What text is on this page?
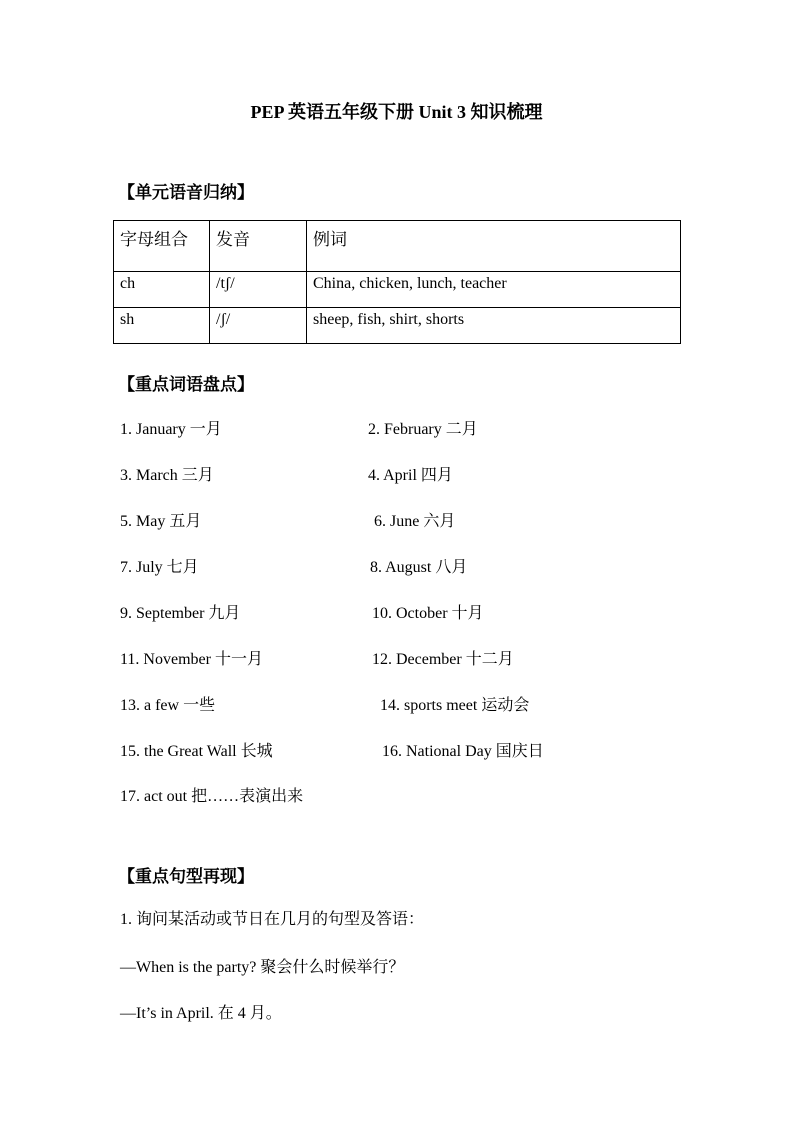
PEP 英语五年级下册 Unit 3 知识梳理
【单元语音归纳】
字母组合	发音	例词
ch	/tʃ/	China, chicken, lunch, teacher
sh	/ʃ/	sheep, fish, shirt, shorts
【重点词语盘点】
1. January 一月	2. February 二月
3. March 三月	4. April 四月
5. May 五月	6. June 六月
7. July 七月	8. August 八月
9. September 九月	10. October 十月
11. November 十一月	12. December 十二月
13. a few 一些	14. sports meet 运动会
15. the Great Wall 长城	16. National Day 国庆日
17. act out 把……表演出来
【重点句型再现】
1. 询问某活动或节日在几月的句型及答语：
—When is the party? 聚会什么时候举行？
—It’s in April. 在 4 月。
